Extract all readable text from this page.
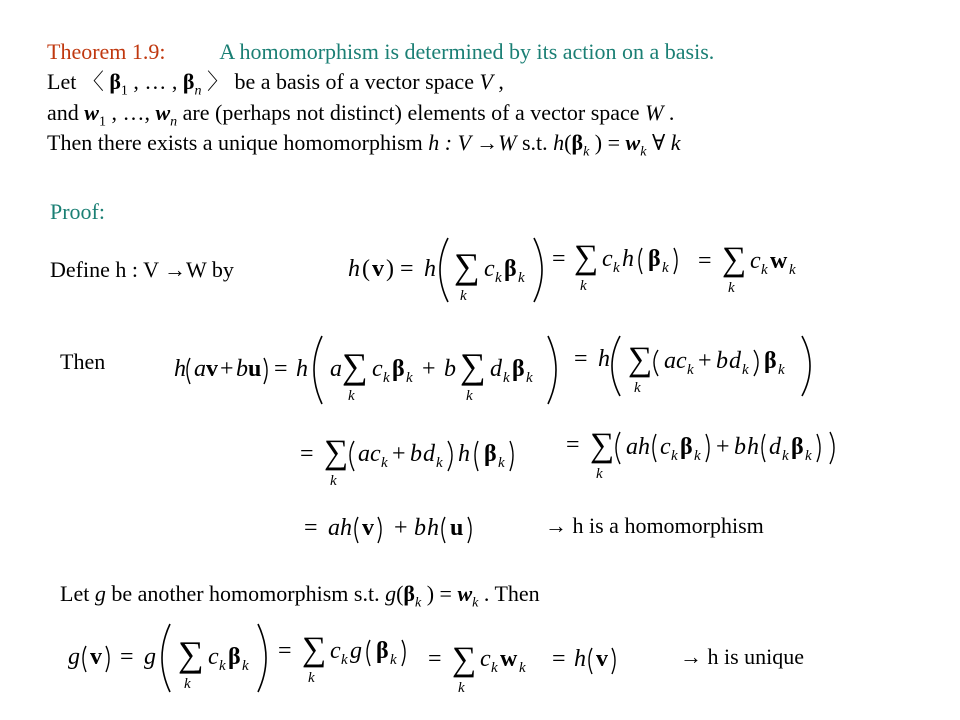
Theorem 1.9: A homomorphism is determined by its action on a basis.
Let 〈 $\beta_1$ , … , $\beta_n$ 〉 be a basis of a vector space V ,
and $w_1$ , …, $w_n$ are (perhaps not distinct) elements of a vector space W .
Then there exists a unique homomorphism h : V →W s.t. $h(\beta_k$ ) = $w_k$ ∀ k
Proof:
Define h : V →W by	h ( v ) = h ∑
k
c k β k
= ∑
k
c k h β k = ∑
k
c k w k
Then	h a v + b u = h a ∑
k
c k β k + b ∑
k
d k β k
= h ∑
k
a c k + b d k β k
= ∑
k
a c k + b d k h β k
= ∑
k
a h c k β k + b h d k β k
= a h v + b h u	→ h is a homomorphism
Let g be another homomorphism s.t. $g(\beta_k$ ) = $w_k$ . Then
g v = g ∑
k
c k β k
= ∑
k
c k g β k = ∑
k
c k w k = h v	→ h is unique
